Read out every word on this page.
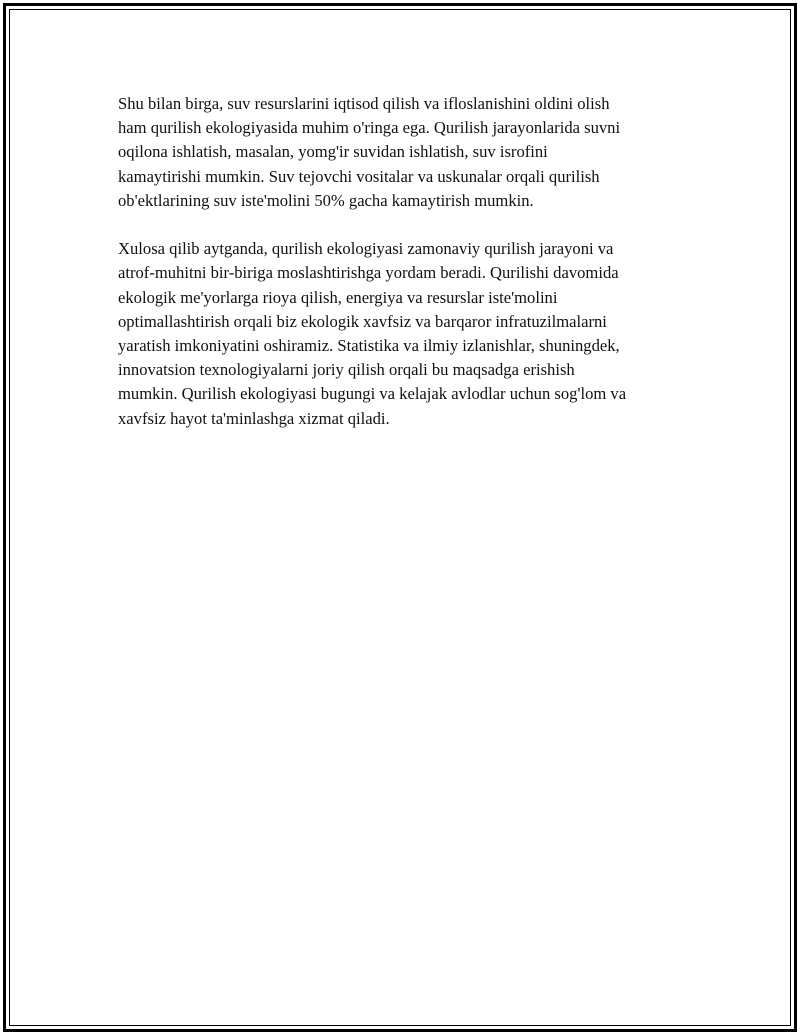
Shu bilan birga, suv resurslarini iqtisod qilish va ifloslanishini oldini olish
ham qurilish ekologiyasida muhim o'ringa ega. Qurilish jarayonlarida suvni
oqilona ishlatish, masalan, yomg'ir suvidan ishlatish, suv isrofini
kamaytirishi mumkin. Suv tejovchi vositalar va uskunalar orqali qurilish
ob'ektlarining suv iste'molini 50% gacha kamaytirish mumkin.

Xulosa qilib aytganda, qurilish ekologiyasi zamonaviy qurilish jarayoni va
atrof-muhitni bir-biriga moslashtirishga yordam beradi. Qurilishi davomida
ekologik me'yorlarga rioya qilish, energiya va resurslar iste'molini
optimallashtirish orqali biz ekologik xavfsiz va barqaror infratuzilmalarni
yaratish imkoniyatini oshiramiz. Statistika va ilmiy izlanishlar, shuningdek,
innovatsion texnologiyalarni joriy qilish orqali bu maqsadga erishish
mumkin. Qurilish ekologiyasi bugungi va kelajak avlodlar uchun sog'lom va
xavfsiz hayot ta'minlashga xizmat qiladi.
